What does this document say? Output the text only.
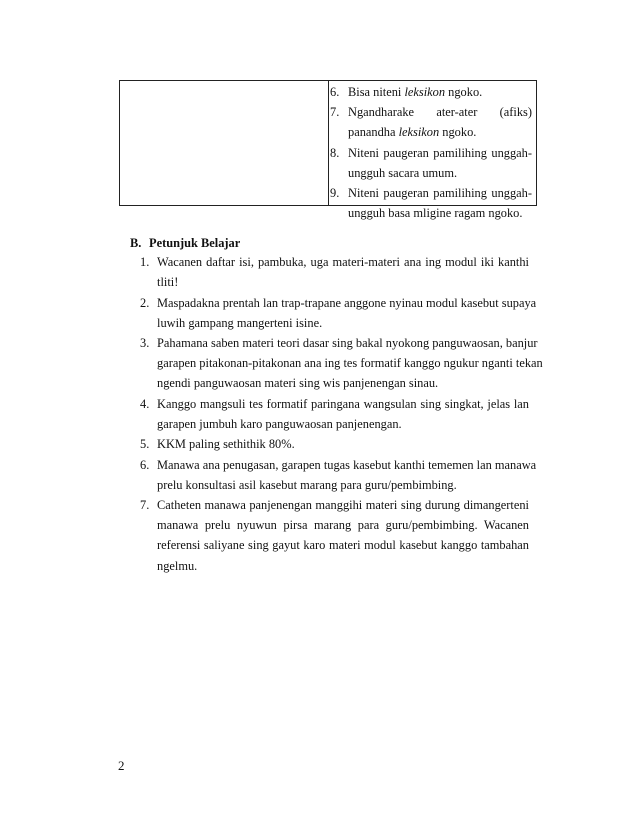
6. Bisa niteni leksikon ngoko.
7. Ngandharake ater-ater (afiks)
panandha leksikon ngoko.
8. Niteni paugeran pamilihing unggah-
ungguh sacara umum.
9. Niteni paugeran pamilihing unggah-
ungguh basa mligine ragam ngoko.
B. Petunjuk Belajar
1. Wacanen daftar isi, pambuka, uga materi-materi ana ing modul iki kanthi
tliti!
2. Maspadakna prentah lan trap-trapane anggone nyinau modul kasebut supaya
luwih gampang mangerteni isine.
3. Pahamana saben materi teori dasar sing bakal nyokong panguwaosan, banjur
garapen pitakonan-pitakonan ana ing tes formatif kanggo ngukur nganti tekan
ngendi panguwaosan materi sing wis panjenengan sinau.
4. Kanggo mangsuli tes formatif paringana wangsulan sing singkat, jelas lan
garapen jumbuh karo panguwaosan panjenengan.
5. KKM paling sethithik 80%.
6. Manawa ana penugasan, garapen tugas kasebut kanthi tememen lan manawa
prelu konsultasi asil kasebut marang para guru/pembimbing.
7. Catheten manawa panjenengan manggihi materi sing durung dimangerteni
manawa prelu nyuwun pirsa marang para guru/pembimbing. Wacanen
referensi saliyane sing gayut karo materi modul kasebut kanggo tambahan
ngelmu.
2
